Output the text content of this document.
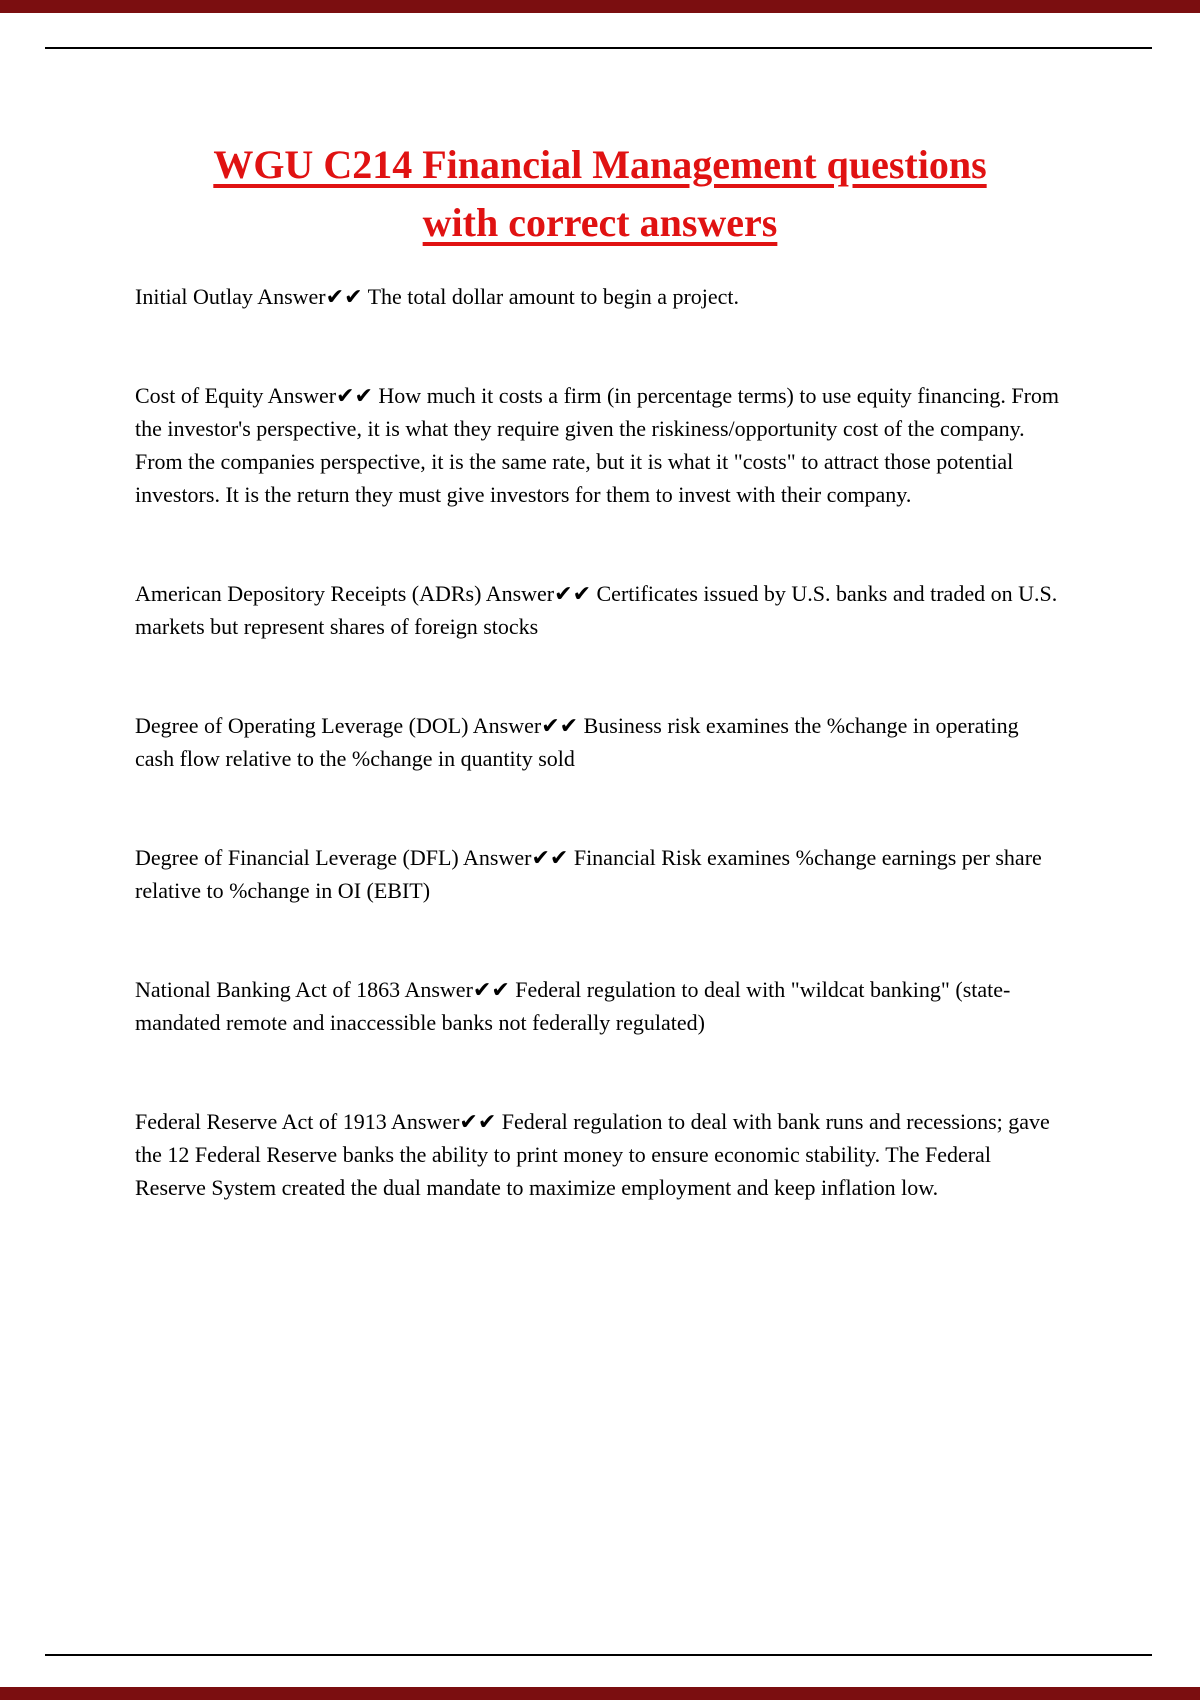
WGU C214 Financial Management questions
with correct answers

Initial Outlay Answer✔✔ The total dollar amount to begin a project.

Cost of Equity Answer✔✔ How much it costs a firm (in percentage terms) to use equity financing. From the investor's perspective, it is what they require given the riskiness/opportunity cost of the company. From the companies perspective, it is the same rate, but it is what it "costs" to attract those potential investors. It is the return they must give investors for them to invest with their company.

American Depository Receipts (ADRs) Answer✔✔ Certificates issued by U.S. banks and traded on U.S. markets but represent shares of foreign stocks

Degree of Operating Leverage (DOL) Answer✔✔ Business risk examines the %change in operating cash flow relative to the %change in quantity sold

Degree of Financial Leverage (DFL) Answer✔✔ Financial Risk examines %change earnings per share relative to %change in OI (EBIT)

National Banking Act of 1863 Answer✔✔ Federal regulation to deal with "wildcat banking" (state-mandated remote and inaccessible banks not federally regulated)

Federal Reserve Act of 1913 Answer✔✔ Federal regulation to deal with bank runs and recessions; gave the 12 Federal Reserve banks the ability to print money to ensure economic stability. The Federal Reserve System created the dual mandate to maximize employment and keep inflation low.
